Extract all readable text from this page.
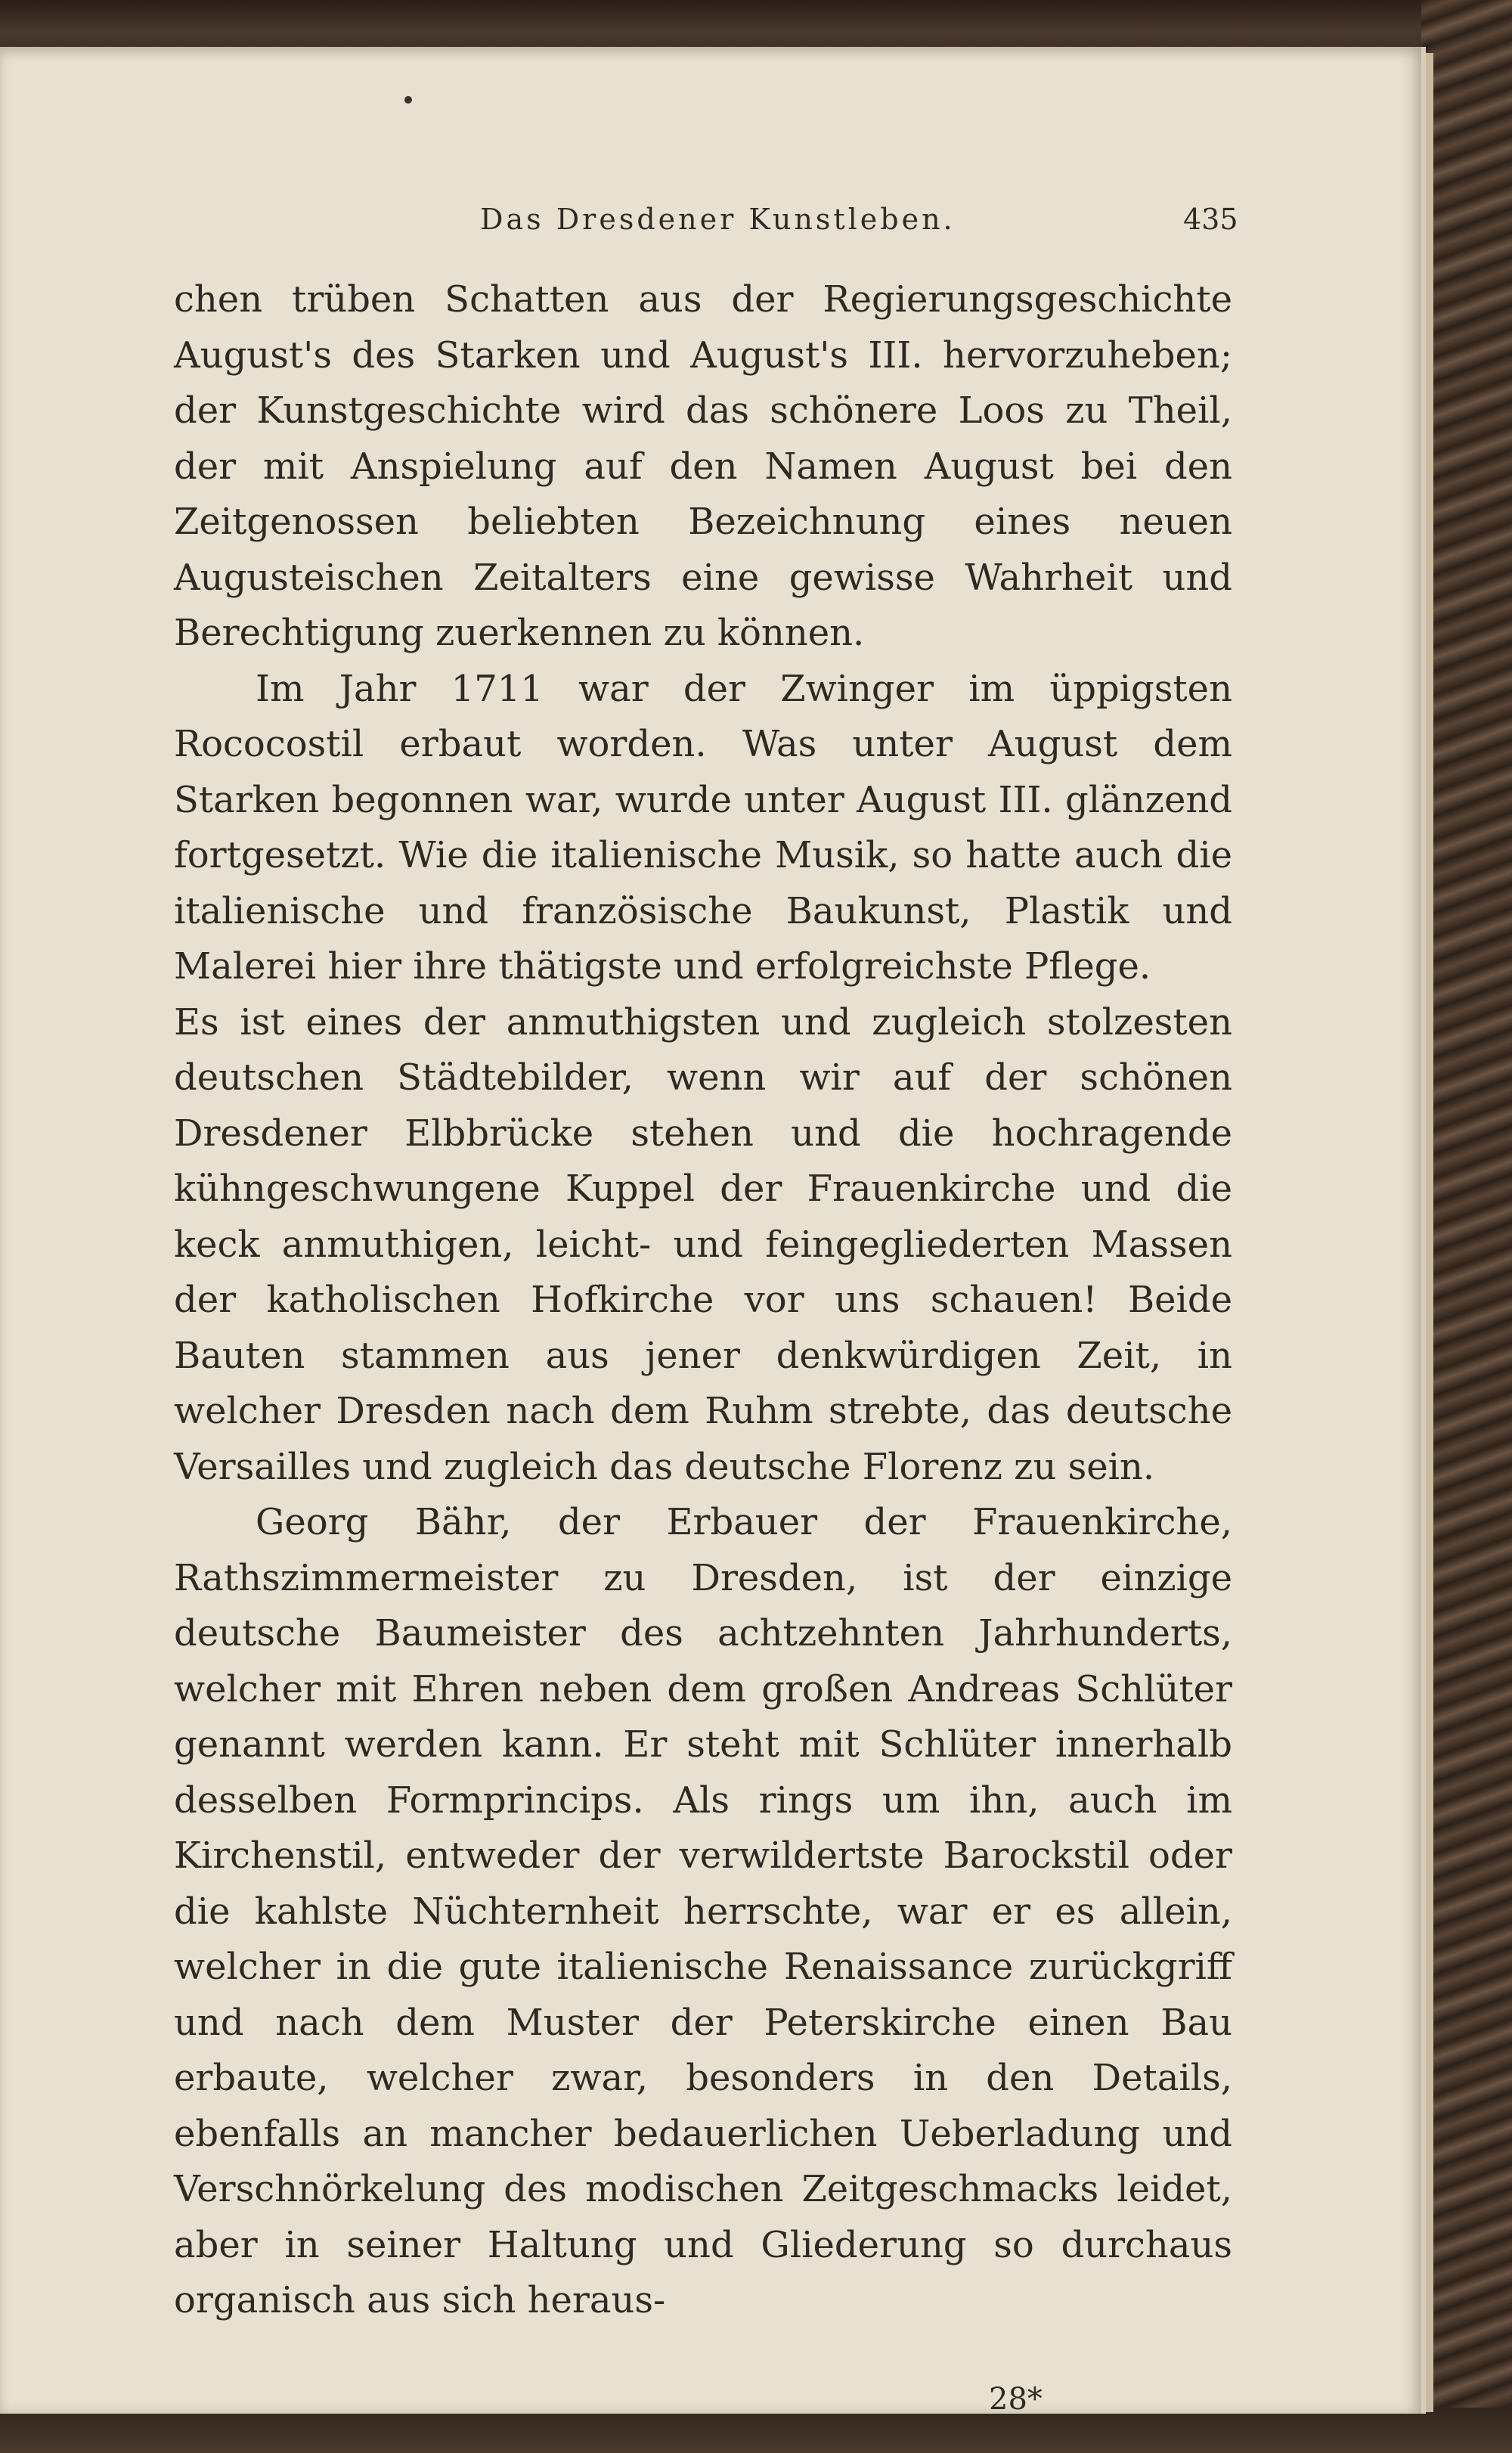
Das Dresdener Kunstleben.	435

chen trüben Schatten aus der Regierungsgeschichte August's des Starken und August's III. hervorzuheben; der Kunstgeschichte wird das schönere Loos zu Theil, der mit Anspielung auf den Namen August bei den Zeitgenossen beliebten Bezeichnung eines neuen Augusteischen Zeitalters eine gewisse Wahrheit und Berechtigung zuerkennen zu können.

Im Jahr 1711 war der Zwinger im üppigsten Rococostil erbaut worden. Was unter August dem Starken begonnen war, wurde unter August III. glänzend fortgesetzt. Wie die italienische Musik, so hatte auch die italienische und französische Baukunst, Plastik und Malerei hier ihre thätigste und erfolgreichste Pflege.

Es ist eines der anmuthigsten und zugleich stolzesten deutschen Städtebilder, wenn wir auf der schönen Dresdener Elbbrücke stehen und die hochragende kühngeschwungene Kuppel der Frauenkirche und die keck anmuthigen, leicht- und feingegliederten Massen der katholischen Hofkirche vor uns schauen! Beide Bauten stammen aus jener denkwürdigen Zeit, in welcher Dresden nach dem Ruhm strebte, das deutsche Versailles und zugleich das deutsche Florenz zu sein.

Georg Bähr, der Erbauer der Frauenkirche, Rathszimmermeister zu Dresden, ist der einzige deutsche Baumeister des achtzehnten Jahrhunderts, welcher mit Ehren neben dem großen Andreas Schlüter genannt werden kann. Er steht mit Schlüter innerhalb desselben Formprincips. Als rings um ihn, auch im Kirchenstil, entweder der verwildertste Barockstil oder die kahlste Nüchternheit herrschte, war er es allein, welcher in die gute italienische Renaissance zurückgriff und nach dem Muster der Peterskirche einen Bau erbaute, welcher zwar, besonders in den Details, ebenfalls an mancher bedauerlichen Ueberladung und Verschnörkelung des modischen Zeitgeschmacks leidet, aber in seiner Haltung und Gliederung so durchaus organisch aus sich heraus-

28*
